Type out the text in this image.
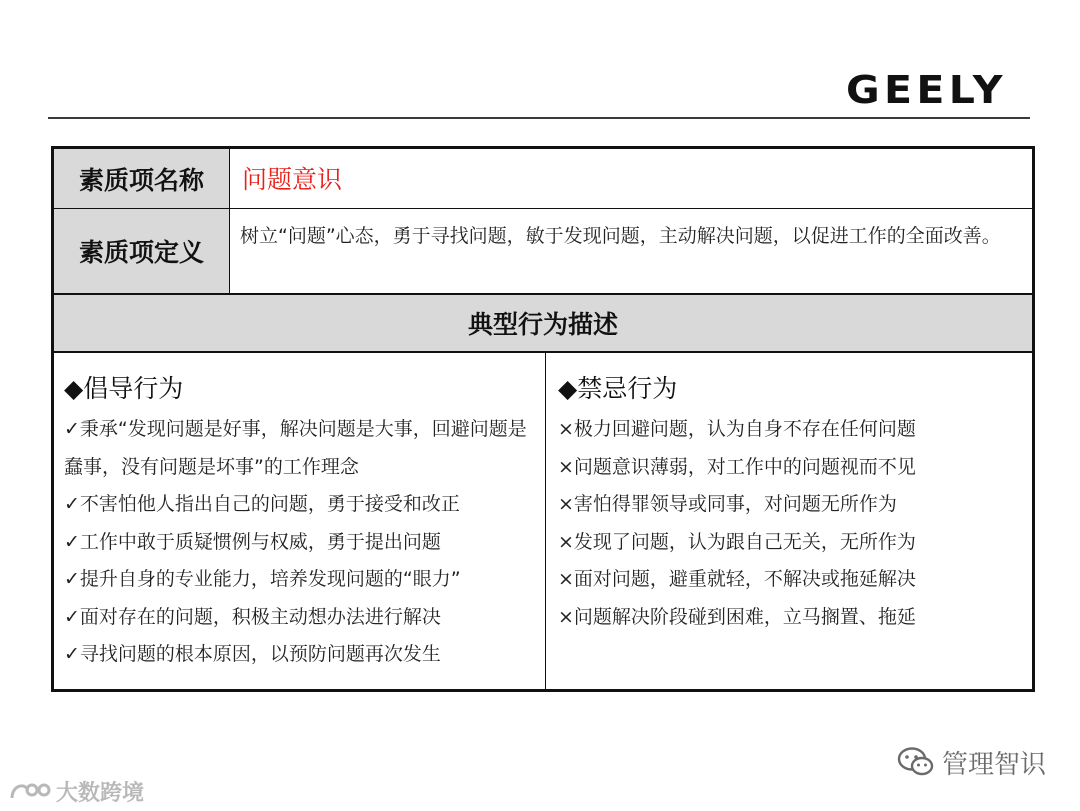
GEELY
素质项名称	问题意识
素质项定义
树立“问题”心态，勇于寻找问题，敏于发现问题，主动解决问题，以促进工作的全面改善。
典型行为描述
◆倡导行为
✓秉承“发现问题是好事，解决问题是大事，回避问题是蠢事，没有问题是坏事”的工作理念
✓不害怕他人指出自己的问题，勇于接受和改正
✓工作中敢于质疑惯例与权威，勇于提出问题
✓提升自身的专业能力，培养发现问题的“眼力”
✓面对存在的问题，积极主动想办法进行解决
✓寻找问题的根本原因，以预防问题再次发生
◆禁忌行为
×极力回避问题，认为自身不存在任何问题
×问题意识薄弱，对工作中的问题视而不见
×害怕得罪领导或同事，对问题无所作为
×发现了问题，认为跟自己无关，无所作为
×面对问题，避重就轻，不解决或拖延解决
×问题解决阶段碰到困难，立马搁置、拖延
管理智识
大数跨境
